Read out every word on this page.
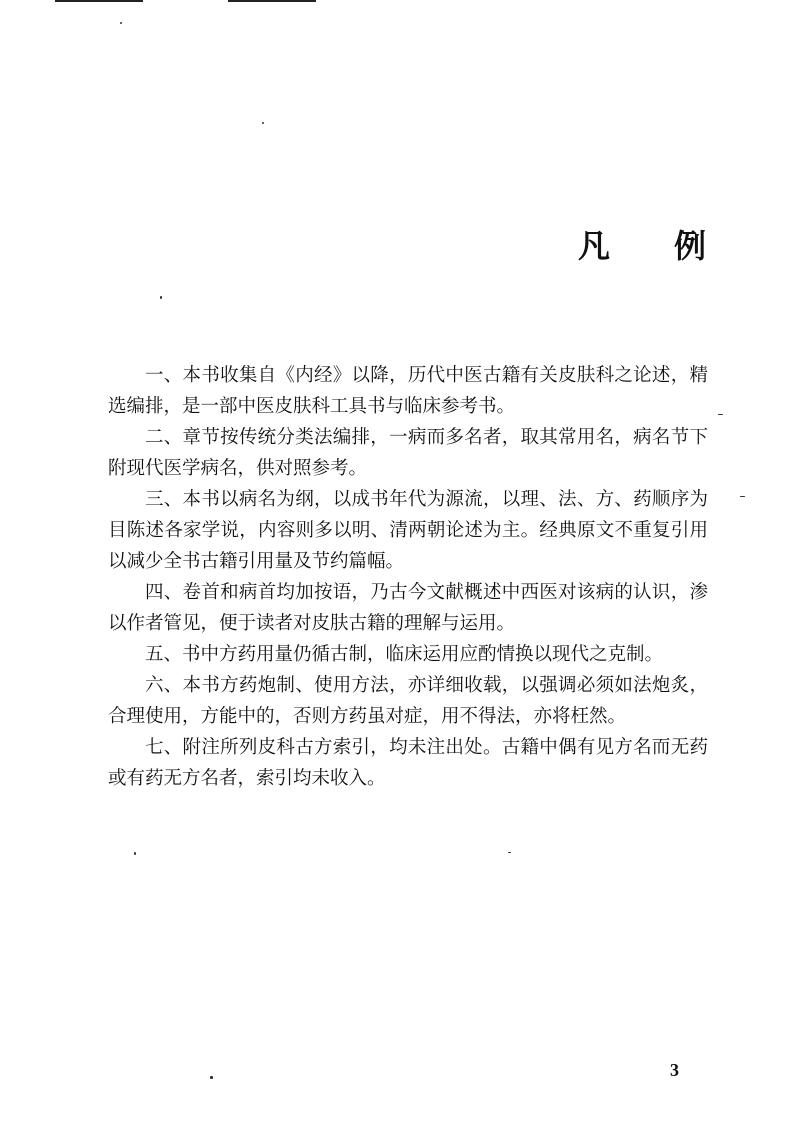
凡 例

一、本书收集自《内经》以降，历代中医古籍有关皮肤科之论述，精选编排，是一部中医皮肤科工具书与临床参考书。

二、章节按传统分类法编排，一病而多名者，取其常用名，病名节下附现代医学病名，供对照参考。

三、本书以病名为纲，以成书年代为源流，以理、法、方、药顺序为目陈述各家学说，内容则多以明、清两朝论述为主。经典原文不重复引用以减少全书古籍引用量及节约篇幅。

四、卷首和病首均加按语，乃古今文献概述中西医对该病的认识，渗以作者管见，便于读者对皮肤古籍的理解与运用。

五、书中方药用量仍循古制，临床运用应酌情换以现代之克制。

六、本书方药炮制、使用方法，亦详细收载，以强调必须如法炮炙，合理使用，方能中的，否则方药虽对症，用不得法，亦将枉然。

七、附注所列皮科古方索引，均未注出处。古籍中偶有见方名而无药或有药无方名者，索引均未收入。

3
